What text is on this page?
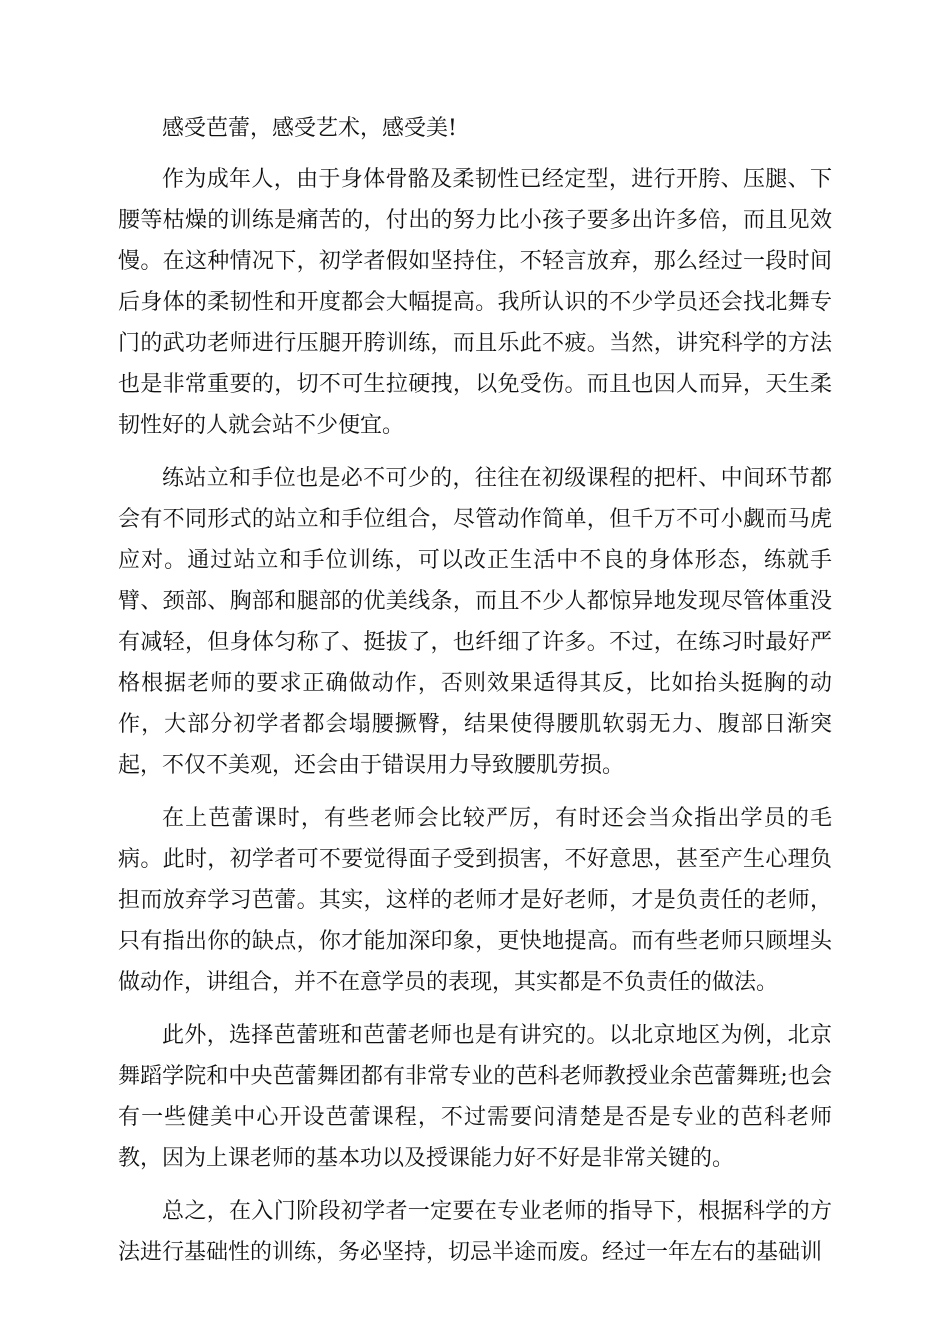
感受芭蕾，感受艺术，感受美!

作为成年人，由于身体骨骼及柔韧性已经定型，进行开胯、压腿、下腰等枯燥的训练是痛苦的，付出的努力比小孩子要多出许多倍，而且见效慢。在这种情况下，初学者假如坚持住，不轻言放弃，那么经过一段时间后身体的柔韧性和开度都会大幅提高。我所认识的不少学员还会找北舞专门的武功老师进行压腿开胯训练，而且乐此不疲。当然，讲究科学的方法也是非常重要的，切不可生拉硬拽，以免受伤。而且也因人而异，天生柔韧性好的人就会站不少便宜。

练站立和手位也是必不可少的，往往在初级课程的把杆、中间环节都会有不同形式的站立和手位组合，尽管动作简单，但千万不可小觑而马虎应对。通过站立和手位训练，可以改正生活中不良的身体形态，练就手臂、颈部、胸部和腿部的优美线条，而且不少人都惊异地发现尽管体重没有减轻，但身体匀称了、挺拔了，也纤细了许多。不过，在练习时最好严格根据老师的要求正确做动作，否则效果适得其反，比如抬头挺胸的动作，大部分初学者都会塌腰撅臀，结果使得腰肌软弱无力、腹部日渐突起，不仅不美观，还会由于错误用力导致腰肌劳损。

在上芭蕾课时，有些老师会比较严厉，有时还会当众指出学员的毛病。此时，初学者可不要觉得面子受到损害，不好意思，甚至产生心理负担而放弃学习芭蕾。其实，这样的老师才是好老师，才是负责任的老师，只有指出你的缺点，你才能加深印象，更快地提高。而有些老师只顾埋头做动作，讲组合，并不在意学员的表现，其实都是不负责任的做法。

此外，选择芭蕾班和芭蕾老师也是有讲究的。以北京地区为例，北京舞蹈学院和中央芭蕾舞团都有非常专业的芭科老师教授业余芭蕾舞班;也会有一些健美中心开设芭蕾课程，不过需要问清楚是否是专业的芭科老师教，因为上课老师的基本功以及授课能力好不好是非常关键的。

总之，在入门阶段初学者一定要在专业老师的指导下，根据科学的方法进行基础性的训练，务必坚持，切忌半途而废。经过一年左右的基础训
